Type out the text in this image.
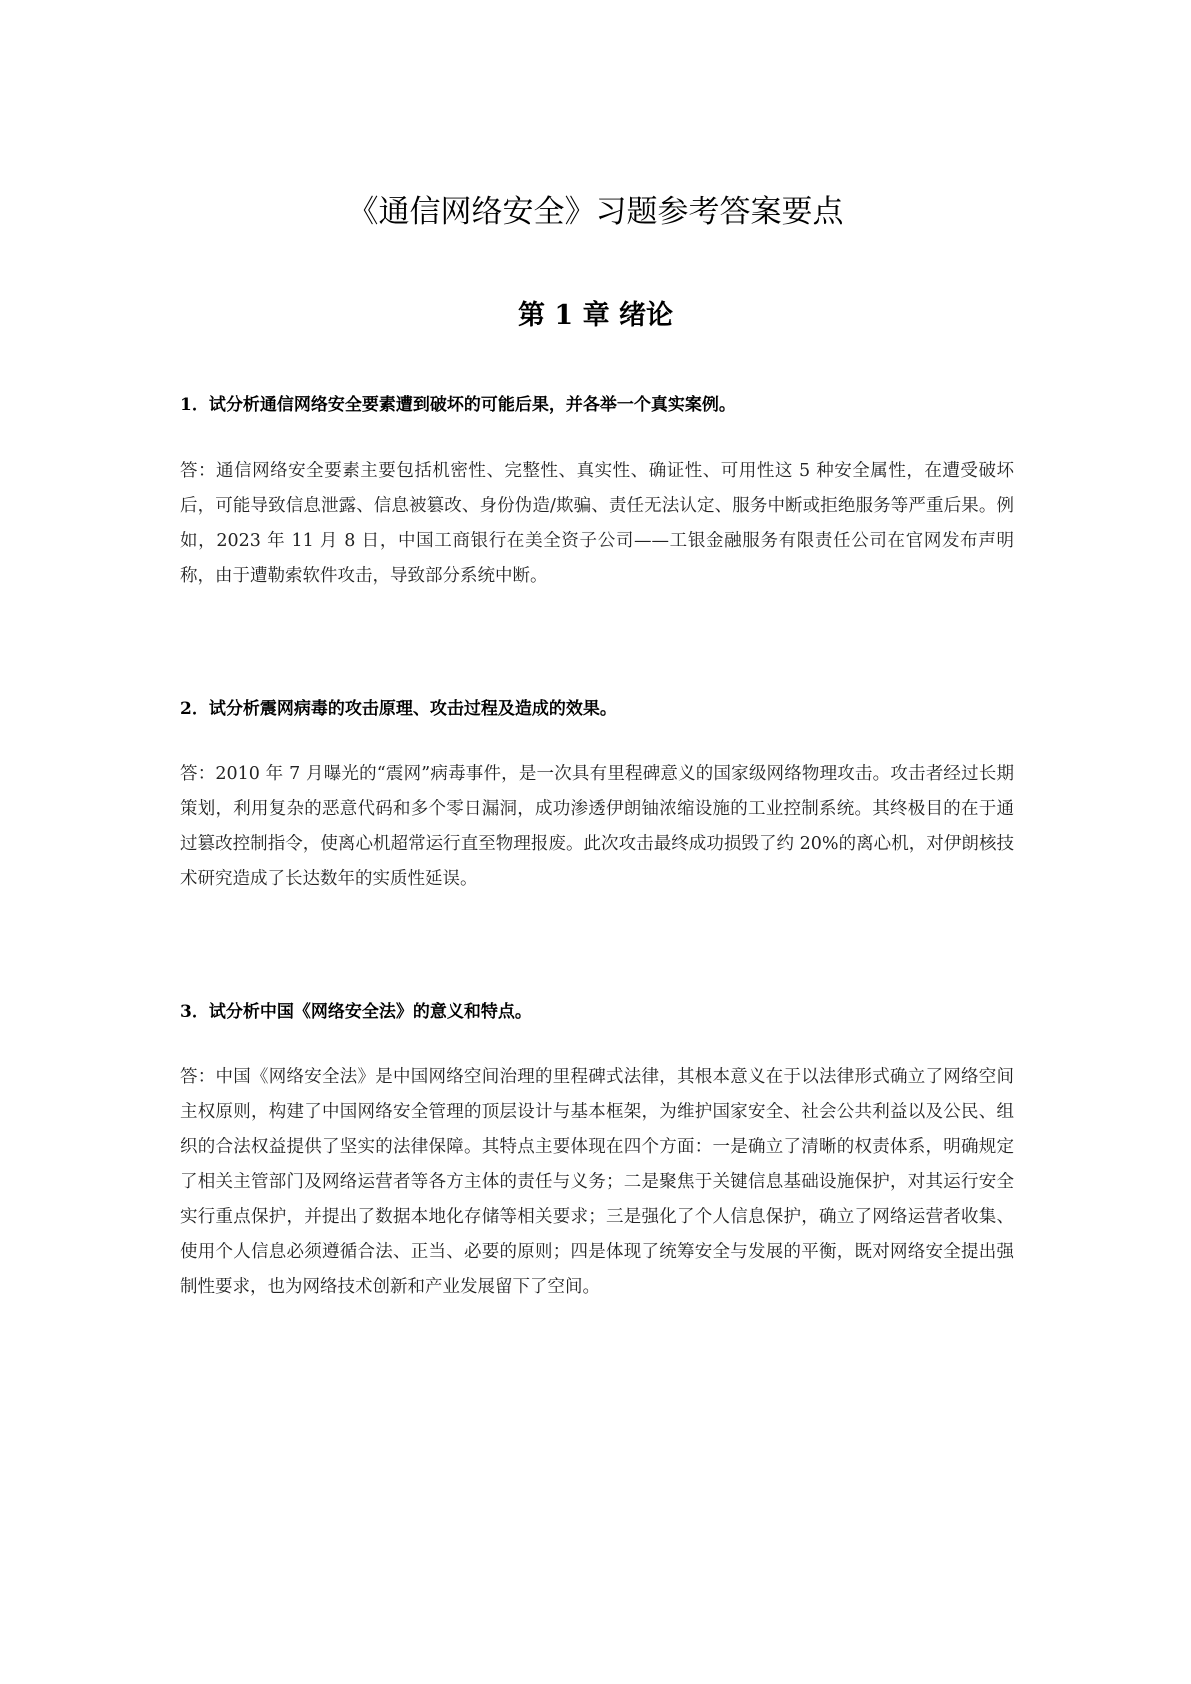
《通信网络安全》习题参考答案要点
第 1 章 绪论

1．试分析通信网络安全要素遭到破坏的可能后果，并各举一个真实案例。

答：通信网络安全要素主要包括机密性、完整性、真实性、确证性、可用性这 5 种安全属性，在遭受破坏后，可能导致信息泄露、信息被篡改、身份伪造/欺骗、责任无法认定、服务中断或拒绝服务等严重后果。例如，2023 年 11 月 8 日，中国工商银行在美全资子公司——工银金融服务有限责任公司在官网发布声明称，由于遭勒索软件攻击，导致部分系统中断。

2．试分析震网病毒的攻击原理、攻击过程及造成的效果。

答：2010 年 7 月曝光的“震网”病毒事件，是一次具有里程碑意义的国家级网络物理攻击。攻击者经过长期策划，利用复杂的恶意代码和多个零日漏洞，成功渗透伊朗铀浓缩设施的工业控制系统。其终极目的在于通过篡改控制指令，使离心机超常运行直至物理报废。此次攻击最终成功损毁了约 20%的离心机，对伊朗核技术研究造成了长达数年的实质性延误。

3．试分析中国《网络安全法》的意义和特点。

答：中国《网络安全法》是中国网络空间治理的里程碑式法律，其根本意义在于以法律形式确立了网络空间主权原则，构建了中国网络安全管理的顶层设计与基本框架，为维护国家安全、社会公共利益以及公民、组织的合法权益提供了坚实的法律保障。其特点主要体现在四个方面：一是确立了清晰的权责体系，明确规定了相关主管部门及网络运营者等各方主体的责任与义务；二是聚焦于关键信息基础设施保护，对其运行安全实行重点保护，并提出了数据本地化存储等相关要求；三是强化了个人信息保护，确立了网络运营者收集、使用个人信息必须遵循合法、正当、必要的原则；四是体现了统筹安全与发展的平衡，既对网络安全提出强制性要求，也为网络技术创新和产业发展留下了空间。
